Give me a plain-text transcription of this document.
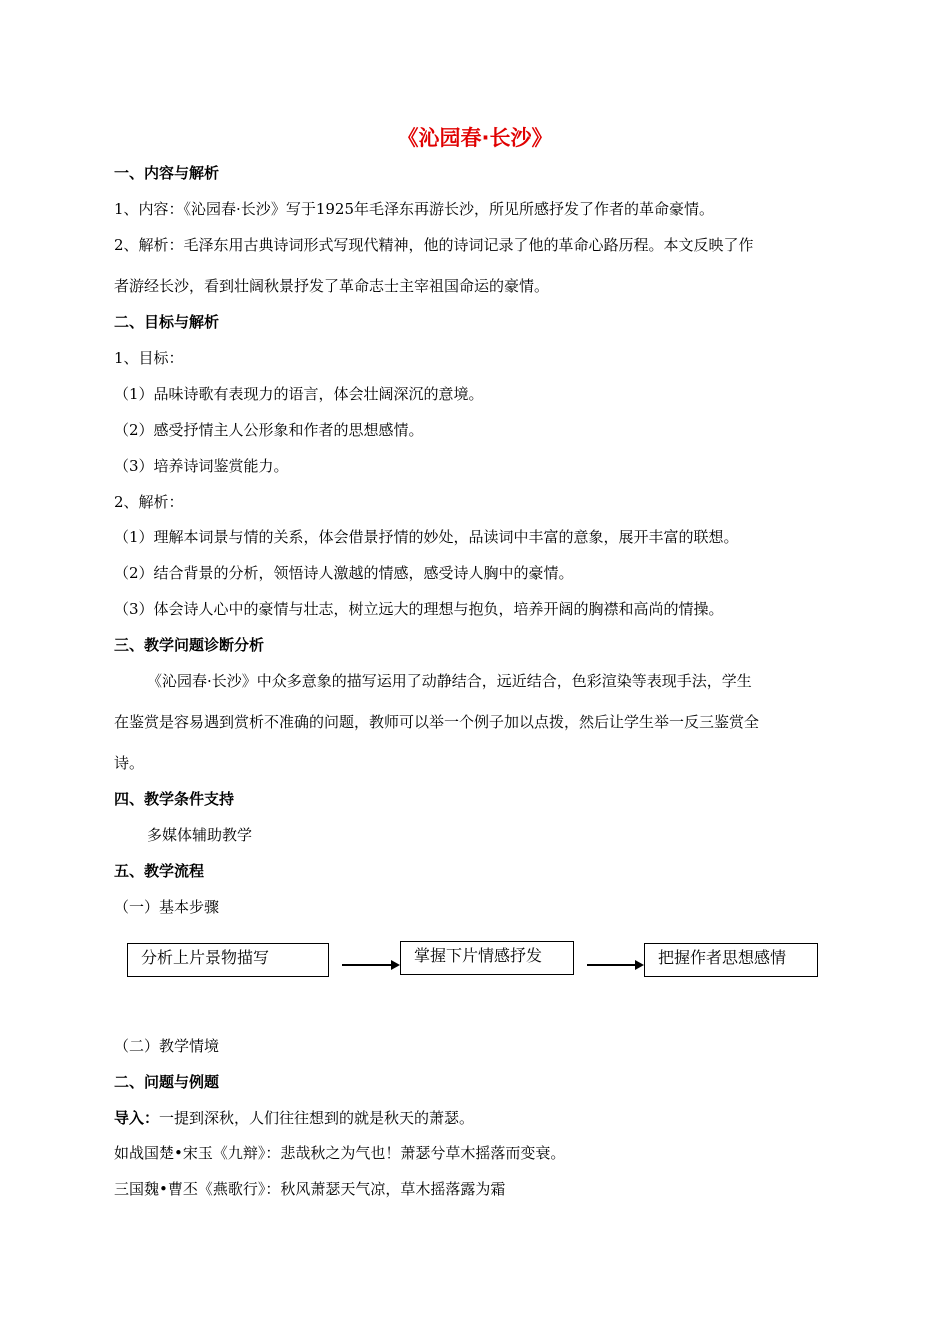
《沁园春·长沙》
一、内容与解析
1、内容：《沁园春·长沙》写于1925年毛泽东再游长沙，所见所感抒发了作者的革命豪情。
2、解析：毛泽东用古典诗词形式写现代精神，他的诗词记录了他的革命心路历程。本文反映了作
者游经长沙，看到壮阔秋景抒发了革命志士主宰祖国命运的豪情。
二、目标与解析
1、目标：
（1）品味诗歌有表现力的语言，体会壮阔深沉的意境。
（2）感受抒情主人公形象和作者的思想感情。
（3）培养诗词鉴赏能力。
2、解析：
（1）理解本词景与情的关系，体会借景抒情的妙处，品读词中丰富的意象，展开丰富的联想。
（2）结合背景的分析，领悟诗人激越的情感，感受诗人胸中的豪情。
（3）体会诗人心中的豪情与壮志，树立远大的理想与抱负，培养开阔的胸襟和高尚的情操。
三、教学问题诊断分析
《沁园春·长沙》中众多意象的描写运用了动静结合，远近结合，色彩渲染等表现手法，学生
在鉴赏是容易遇到赏析不准确的问题，教师可以举一个例子加以点拨，然后让学生举一反三鉴赏全
诗。
四、教学条件支持
多媒体辅助教学
五、教学流程
（一）基本步骤
分析上片景物描写	掌握下片情感抒发	把握作者思想感情
（二）教学情境
二、问题与例题
导入：一提到深秋，人们往往想到的就是秋天的萧瑟。
如战国楚•宋玉《九辩》：悲哉秋之为气也！萧瑟兮草木摇落而变衰。
三国魏•曹丕《燕歌行》：秋风萧瑟天气凉，草木摇落露为霜
